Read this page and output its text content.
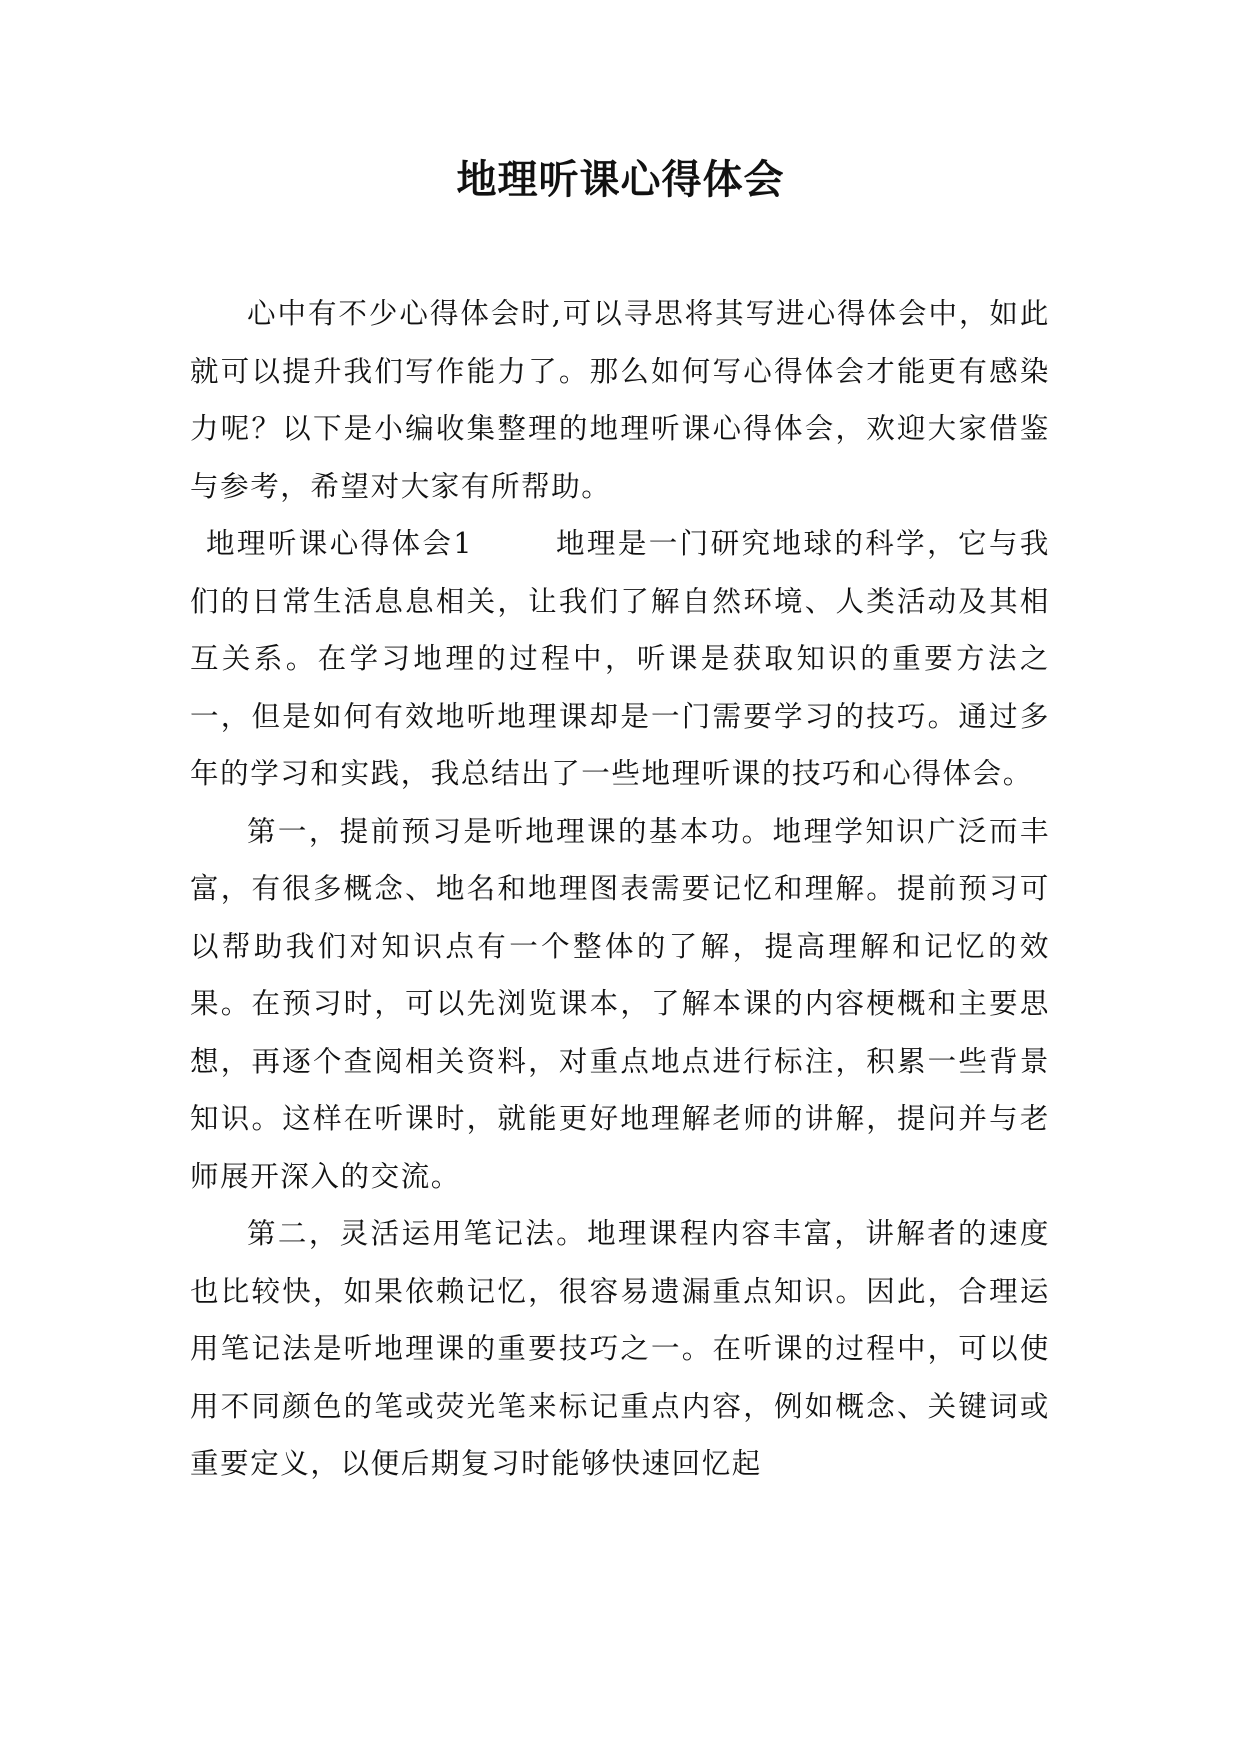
地理听课心得体会

心中有不少心得体会时,可以寻思将其写进心得体会中，如此就可以提升我们写作能力了。那么如何写心得体会才能更有感染力呢？以下是小编收集整理的地理听课心得体会，欢迎大家借鉴与参考，希望对大家有所帮助。

地理听课心得体会1	地理是一门研究地球的科学，它与我们的日常生活息息相关，让我们了解自然环境、人类活动及其相互关系。在学习地理的过程中，听课是获取知识的重要方法之一，但是如何有效地听地理课却是一门需要学习的技巧。通过多年的学习和实践，我总结出了一些地理听课的技巧和心得体会。

第一，提前预习是听地理课的基本功。地理学知识广泛而丰富，有很多概念、地名和地理图表需要记忆和理解。提前预习可以帮助我们对知识点有一个整体的了解，提高理解和记忆的效果。在预习时，可以先浏览课本，了解本课的内容梗概和主要思想，再逐个查阅相关资料，对重点地点进行标注，积累一些背景知识。这样在听课时，就能更好地理解老师的讲解，提问并与老师展开深入的交流。

第二，灵活运用笔记法。地理课程内容丰富，讲解者的速度也比较快，如果依赖记忆，很容易遗漏重点知识。因此，合理运用笔记法是听地理课的重要技巧之一。在听课的过程中，可以使用不同颜色的笔或荧光笔来标记重点内容，例如概念、关键词或重要定义，以便后期复习时能够快速回忆起
